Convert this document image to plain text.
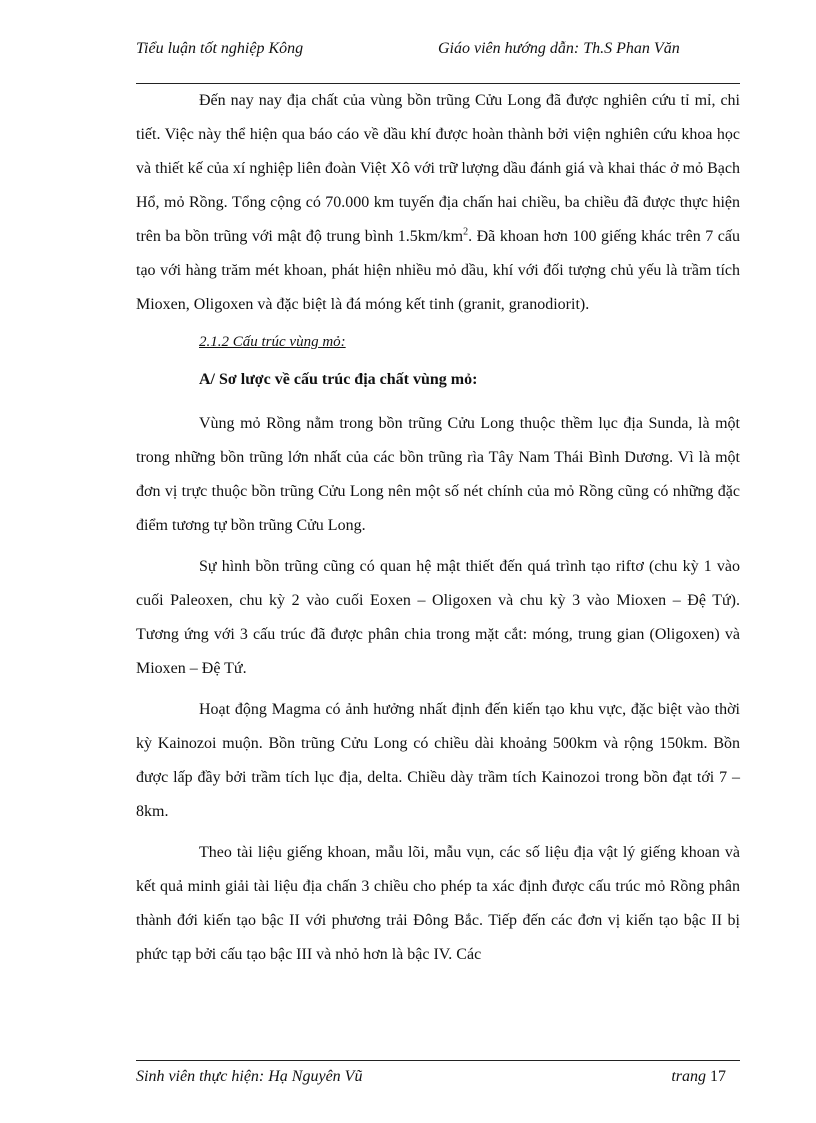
Tiểu luận tốt nghiệp Kông	Giáo viên hướng dẫn: Th.S Phan Văn

Đến nay nay địa chất của vùng bồn trũng Cửu Long đã được nghiên cứu tỉ mỉ, chi tiết. Việc này thể hiện qua báo cáo về dầu khí được hoàn thành bởi viện nghiên cứu khoa học và thiết kế của xí nghiệp liên đoàn Việt Xô với trữ lượng dầu đánh giá và khai thác ở mỏ Bạch Hổ, mỏ Rồng. Tổng cộng có 70.000 km tuyến địa chấn hai chiều, ba chiều đã được thực hiện trên ba bồn trũng với mật độ trung bình $1.5km/km^2$. Đã khoan hơn 100 giếng khác trên 7 cấu tạo với hàng trăm mét khoan, phát hiện nhiều mỏ dầu, khí với đối tượng chủ yếu là trầm tích Mioxen, Oligoxen và đặc biệt là đá móng kết tinh (granit, granodiorit).

2.1.2 Cấu trúc vùng mỏ:
A/ Sơ lược về cấu trúc địa chất vùng mỏ:

Vùng mỏ Rồng nằm trong bồn trũng Cửu Long thuộc thềm lục địa Sunda, là một trong những bồn trũng lớn nhất của các bồn trũng rìa Tây Nam Thái Bình Dương. Vì là một đơn vị trực thuộc bồn trũng Cửu Long nên một số nét chính của mỏ Rồng cũng có những đặc điểm tương tự bồn trũng Cửu Long.

Sự hình bồn trũng cũng có quan hệ mật thiết đến quá trình tạo riftơ (chu kỳ 1 vào cuối Paleoxen, chu kỳ 2 vào cuối Eoxen – Oligoxen và chu kỳ 3 vào Mioxen – Đệ Tứ). Tương ứng với 3 cấu trúc đã được phân chia trong mặt cắt: móng, trung gian (Oligoxen) và Mioxen – Đệ Tứ.

Hoạt động Magma có ảnh hưởng nhất định đến kiến tạo khu vực, đặc biệt vào thời kỳ Kainozoi muộn. Bồn trũng Cửu Long có chiều dài khoảng 500km và rộng 150km. Bồn được lấp đầy bởi trầm tích lục địa, delta. Chiều dày trầm tích Kainozoi trong bồn đạt tới 7 – 8km.

Theo tài liệu giếng khoan, mẫu lõi, mẫu vụn, các số liệu địa vật lý giếng khoan và kết quả minh giải tài liệu địa chấn 3 chiều cho phép ta xác định được cấu trúc mỏ Rồng phân thành đới kiến tạo bậc II với phương trải Đông Bắc. Tiếp đến các đơn vị kiến tạo bậc II bị phức tạp bởi cấu tạo bậc III và nhỏ hơn là bậc IV. Các

Sinh viên thực hiện: Hạ Nguyên Vũ	trang 17
